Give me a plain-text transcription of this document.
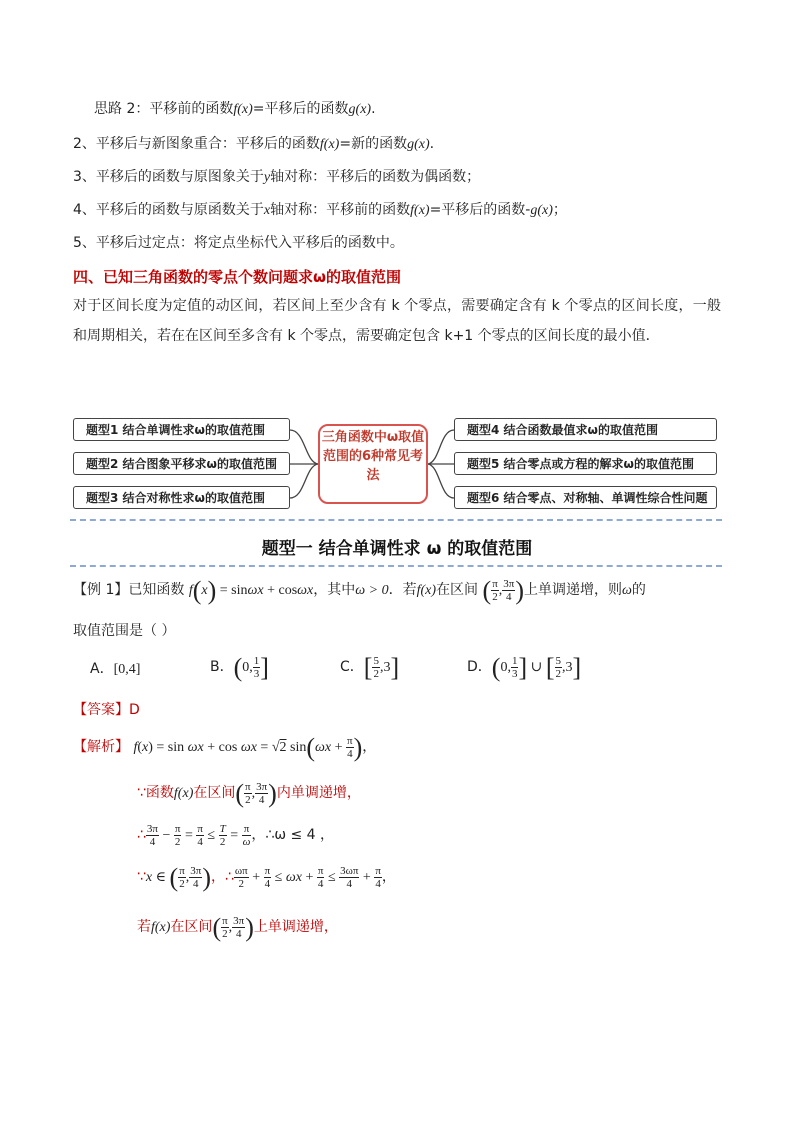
思路 2：平移前的函数f(x)=平移后的函数g(x).
2、平移后与新图象重合：平移后的函数f(x)=新的函数g(x).
3、平移后的函数与原图象关于y轴对称：平移后的函数为偶函数；
4、平移后的函数与原函数关于x轴对称：平移前的函数f(x)=平移后的函数-g(x)；
5、平移后过定点：将定点坐标代入平移后的函数中。
四、已知三角函数的零点个数问题求ω的取值范围
对于区间长度为定值的动区间，若区间上至少含有 k 个零点，需要确定含有 k 个零点的区间长度，一般和周期相关，若在在区间至多含有 k 个零点，需要确定包含 k+1 个零点的区间长度的最小值．
题型1 结合单调性求ω的取值范围
题型2 结合图象平移求ω的取值范围
题型3 结合对称性求ω的取值范围
三角函数中ω取值范围的6种常见考法
题型4 结合函数最值求ω的取值范围
题型5 结合零点或方程的解求ω的取值范围
题型6 结合零点、对称轴、单调性综合性问题
题型一 结合单调性求 ω 的取值范围
【例 1】已知函数 f(x) = sinωx + cosωx，其中ω > 0．若f(x)在区间 ( $\frac{\pi}{2}$ , $\frac{3\pi}{4}$ )上单调递增，则ω的
取值范围是（ ）
A．[0,4]	B．(0, $\frac{1}{3}$ ]	C．[ $\frac{5}{2} ,3$]	D．(0, $\frac{1}{3}$ ] ∪ [ $\frac{5}{2} ,3$]
【答案】D
【解析】 f(x) = sin ωx + cos ωx = √2 $\sin(\omega x + \frac{\pi}{4}$ )，
∵函数f(x)在区间( $\frac{\pi}{2}$ , $\frac{3\pi}{4}$ )内单调递增，
∴ $\frac{3\pi}{4} - \frac{\pi}{2} = \frac{\pi}{4} \le \frac{T}{2} = \frac{\pi}{\omega}$ ，∴ω ≤ 4 ，
∵x ∈ ( $\frac{\pi}{2}$ , $\frac{3\pi}{4}$ )，∴ $\frac{\omega\pi}{2} + \frac{\pi}{4} \le \omega x + \frac{\pi}{4} \le \frac{3\omega\pi}{4} + \frac{\pi}{4}$ ，
若f(x)在区间( $\frac{\pi}{2}$ , $\frac{3\pi}{4}$ )上单调递增，
